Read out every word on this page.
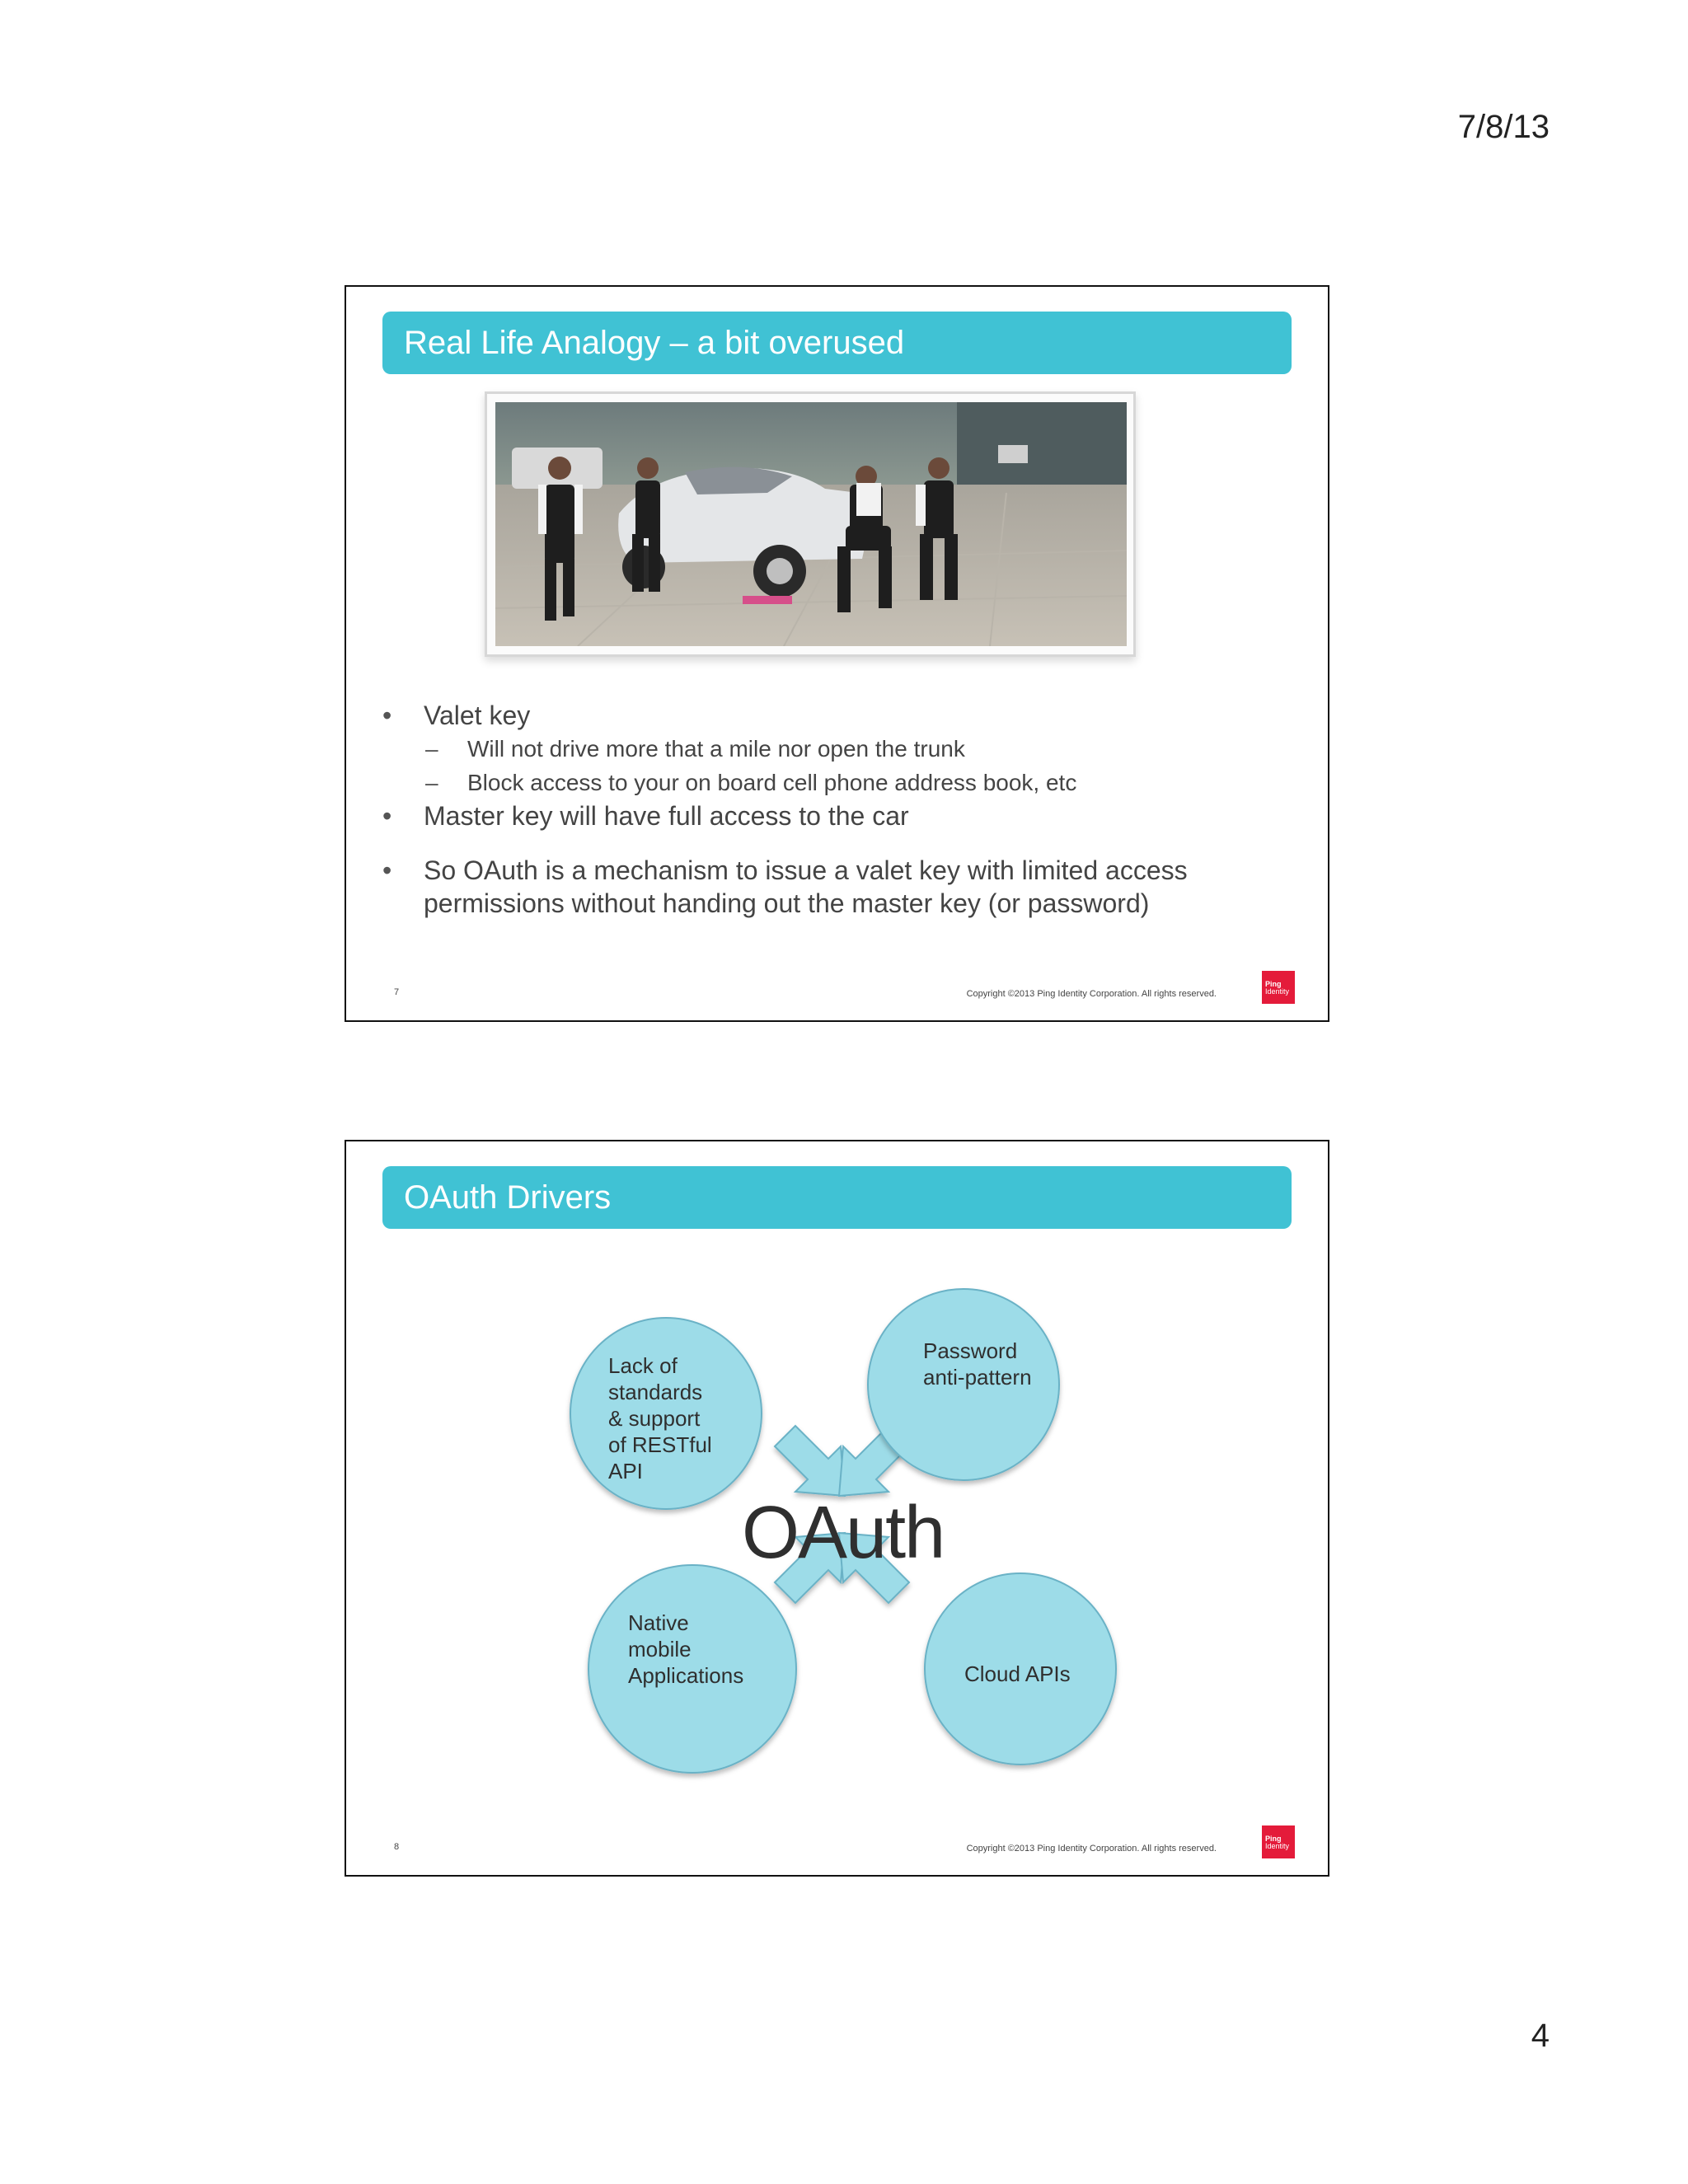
7/8/13
Real Life Analogy – a bit overused
• Valet key
– Will not drive more that a mile nor open the trunk
– Block access to your on board cell phone address book, etc
• Master key will have full access to the car
• So OAuth is a mechanism to issue a valet key with limited access permissions without handing out the master key (or password)
7	Copyright ©2013 Ping Identity Corporation. All rights reserved.
Ping
Identity
OAuth Drivers
OAuth
Lack of
standards
& support
of RESTful
API
Password
anti-pattern
Native
mobile
Applications	Cloud APIs
8	Copyright ©2013 Ping Identity Corporation. All rights reserved.
Ping
Identity
4
